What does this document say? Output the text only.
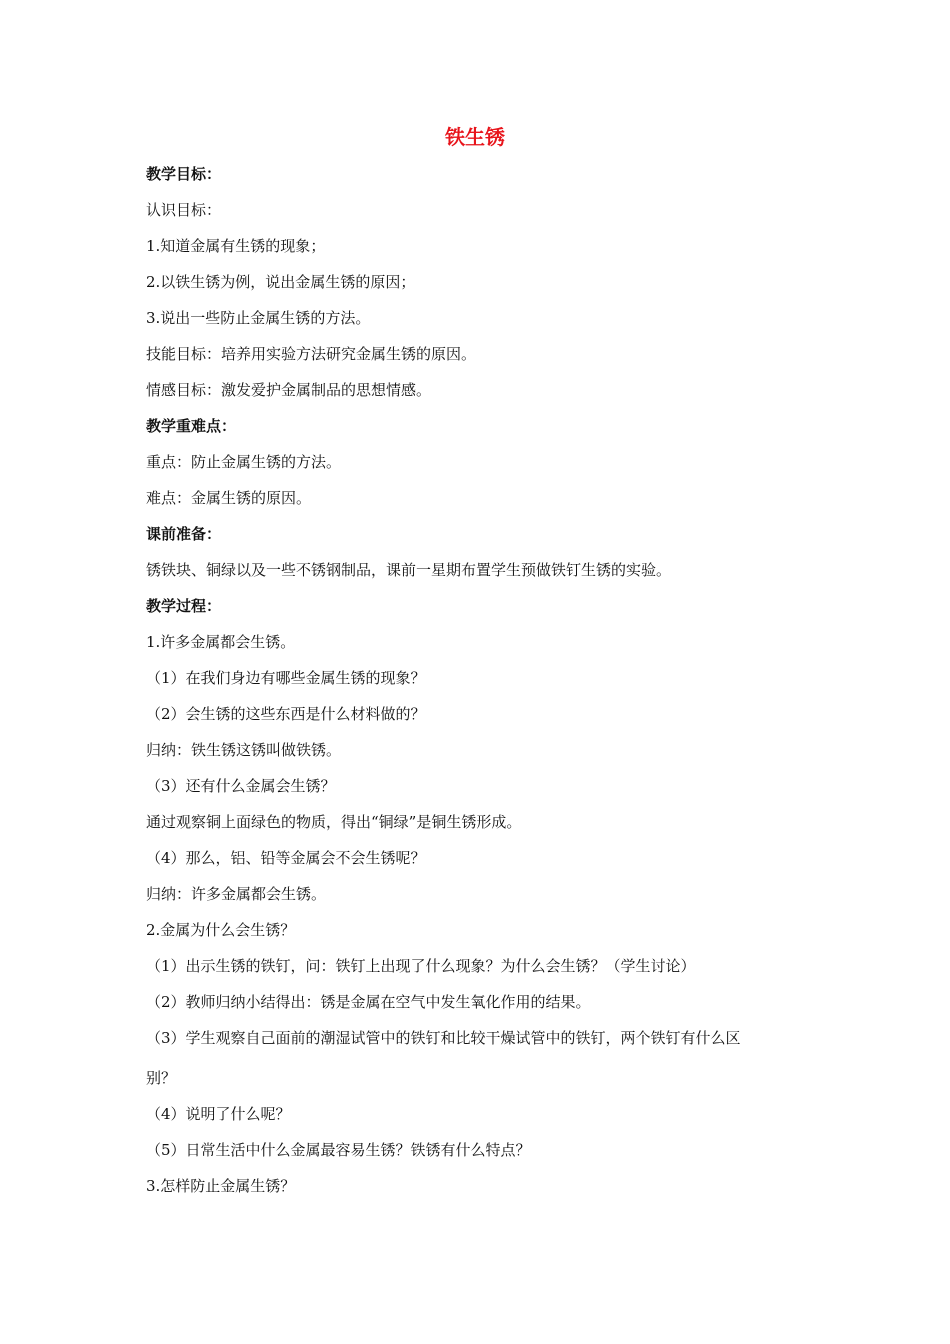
铁生锈

教学目标：

认识目标：

1.知道金属有生锈的现象；

2.以铁生锈为例，说出金属生锈的原因；

3.说出一些防止金属生锈的方法。

技能目标：培养用实验方法研究金属生锈的原因。

情感目标：激发爱护金属制品的思想情感。

教学重难点：

重点：防止金属生锈的方法。

难点：金属生锈的原因。

课前准备：

锈铁块、铜绿以及一些不锈钢制品，课前一星期布置学生预做铁钉生锈的实验。

教学过程：

1.许多金属都会生锈。

（1）在我们身边有哪些金属生锈的现象？

（2）会生锈的这些东西是什么材料做的？

归纳：铁生锈这锈叫做铁锈。

（3）还有什么金属会生锈？

通过观察铜上面绿色的物质，得出“铜绿”是铜生锈形成。

（4）那么，铝、铅等金属会不会生锈呢？

归纳：许多金属都会生锈。

2.金属为什么会生锈？

（1）出示生锈的铁钉，问：铁钉上出现了什么现象？为什么会生锈？（学生讨论）

（2）教师归纳小结得出：锈是金属在空气中发生氧化作用的结果。

（3）学生观察自己面前的潮湿试管中的铁钉和比较干燥试管中的铁钉，两个铁钉有什么区

别？

（4）说明了什么呢？

（5）日常生活中什么金属最容易生锈？铁锈有什么特点？

3.怎样防止金属生锈？
